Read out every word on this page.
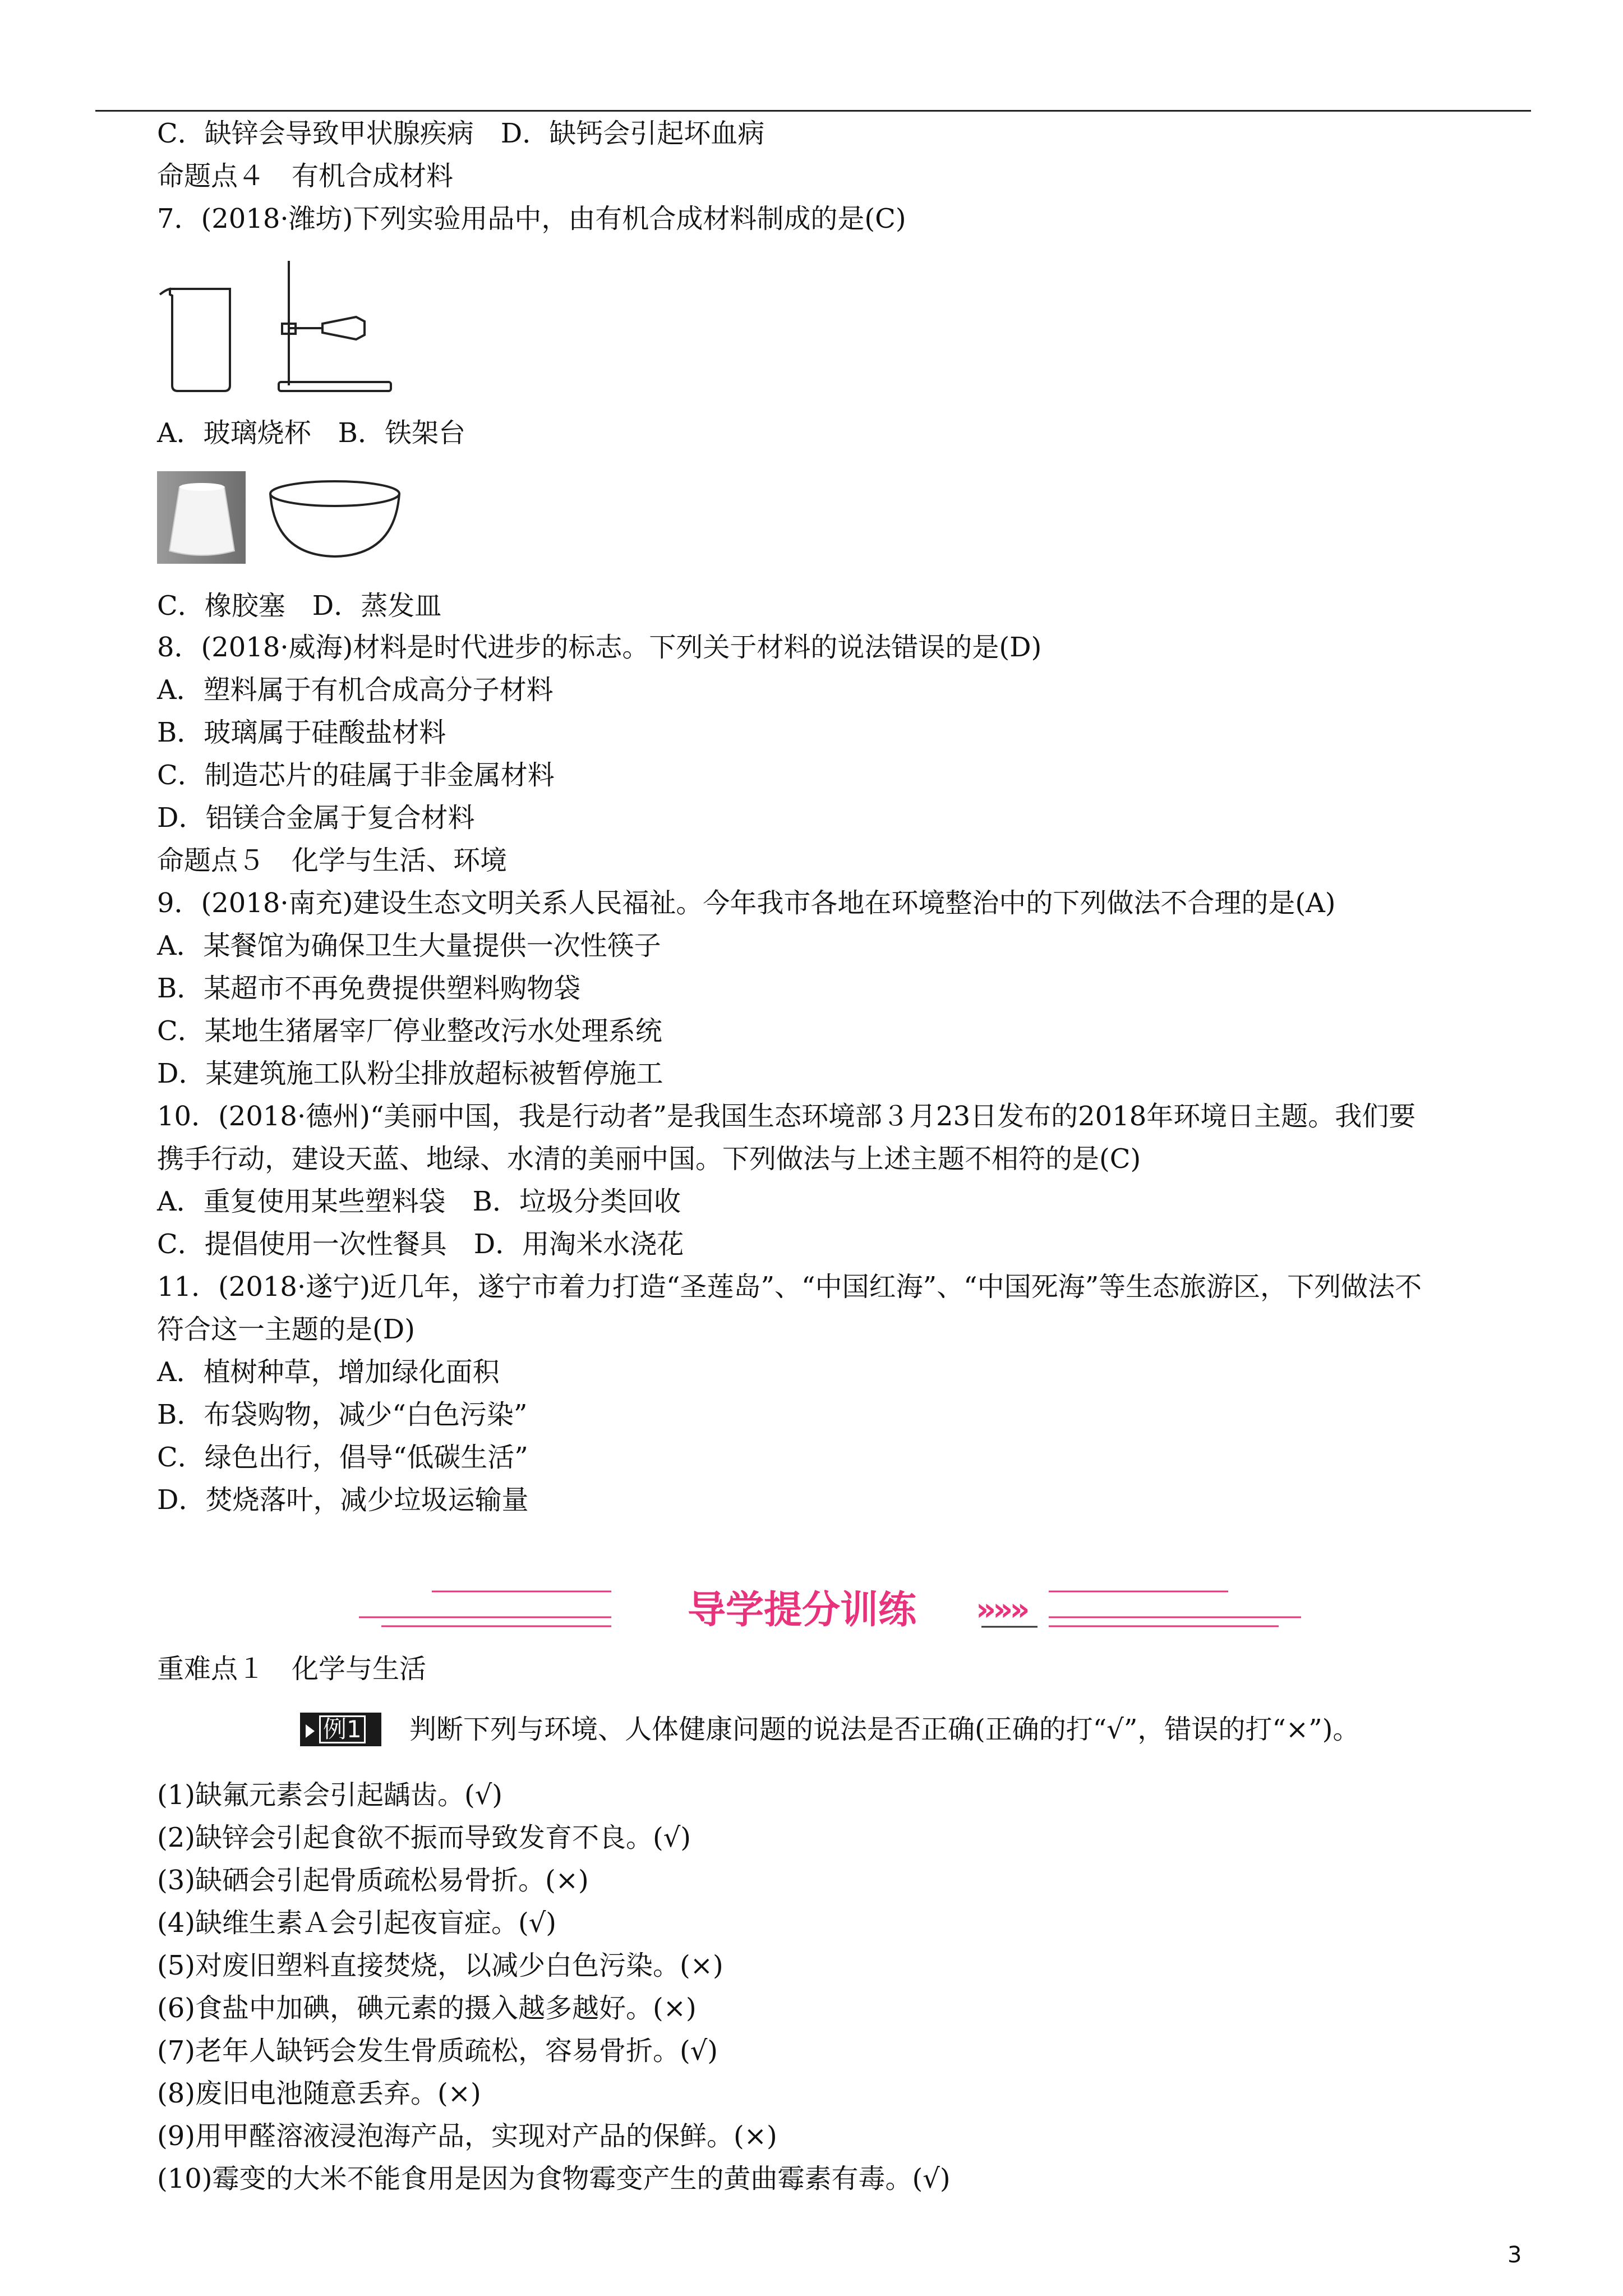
C．缺锌会导致甲状腺疾病　D．缺钙会引起坏血病
命题点４　有机合成材料
7．(2018·潍坊)下列实验用品中，由有机合成材料制成的是(C)
A．玻璃烧杯　B．铁架台
C．橡胶塞　D．蒸发皿
8．(2018·威海)材料是时代进步的标志。下列关于材料的说法错误的是(D)
A．塑料属于有机合成高分子材料
B．玻璃属于硅酸盐材料
C．制造芯片的硅属于非金属材料
D．铝镁合金属于复合材料
命题点５　化学与生活、环境
9．(2018·南充)建设生态文明关系人民福祉。今年我市各地在环境整治中的下列做法不合理的是(A)
A．某餐馆为确保卫生大量提供一次性筷子
B．某超市不再免费提供塑料购物袋
C．某地生猪屠宰厂停业整改污水处理系统
D．某建筑施工队粉尘排放超标被暂停施工
10．(2018·德州)“美丽中国，我是行动者”是我国生态环境部３月23日发布的2018年环境日主题。我们要
携手行动，建设天蓝、地绿、水清的美丽中国。下列做法与上述主题不相符的是(C)
A．重复使用某些塑料袋　B．垃圾分类回收
C．提倡使用一次性餐具　D．用淘米水浇花
11．(2018·遂宁)近几年，遂宁市着力打造“圣莲岛”、“中国红海”、“中国死海”等生态旅游区，下列做法不
符合这一主题的是(D)
A．植树种草，增加绿化面积
B．布袋购物，减少“白色污染”
C．绿色出行，倡导“低碳生活”
D．焚烧落叶，减少垃圾运输量
导学提分训练	»»»
重难点１　化学与生活
例1	判断下列与环境、人体健康问题的说法是否正确(正确的打“√”，错误的打“×”)。
(1)缺氟元素会引起龋齿。(√)
(2)缺锌会引起食欲不振而导致发育不良。(√)
(3)缺硒会引起骨质疏松易骨折。(×)
(4)缺维生素Ａ会引起夜盲症。(√)
(5)对废旧塑料直接焚烧，以减少白色污染。(×)
(6)食盐中加碘，碘元素的摄入越多越好。(×)
(7)老年人缺钙会发生骨质疏松，容易骨折。(√)
(8)废旧电池随意丢弃。(×)
(9)用甲醛溶液浸泡海产品，实现对产品的保鲜。(×)
(10)霉变的大米不能食用是因为食物霉变产生的黄曲霉素有毒。(√)
3
